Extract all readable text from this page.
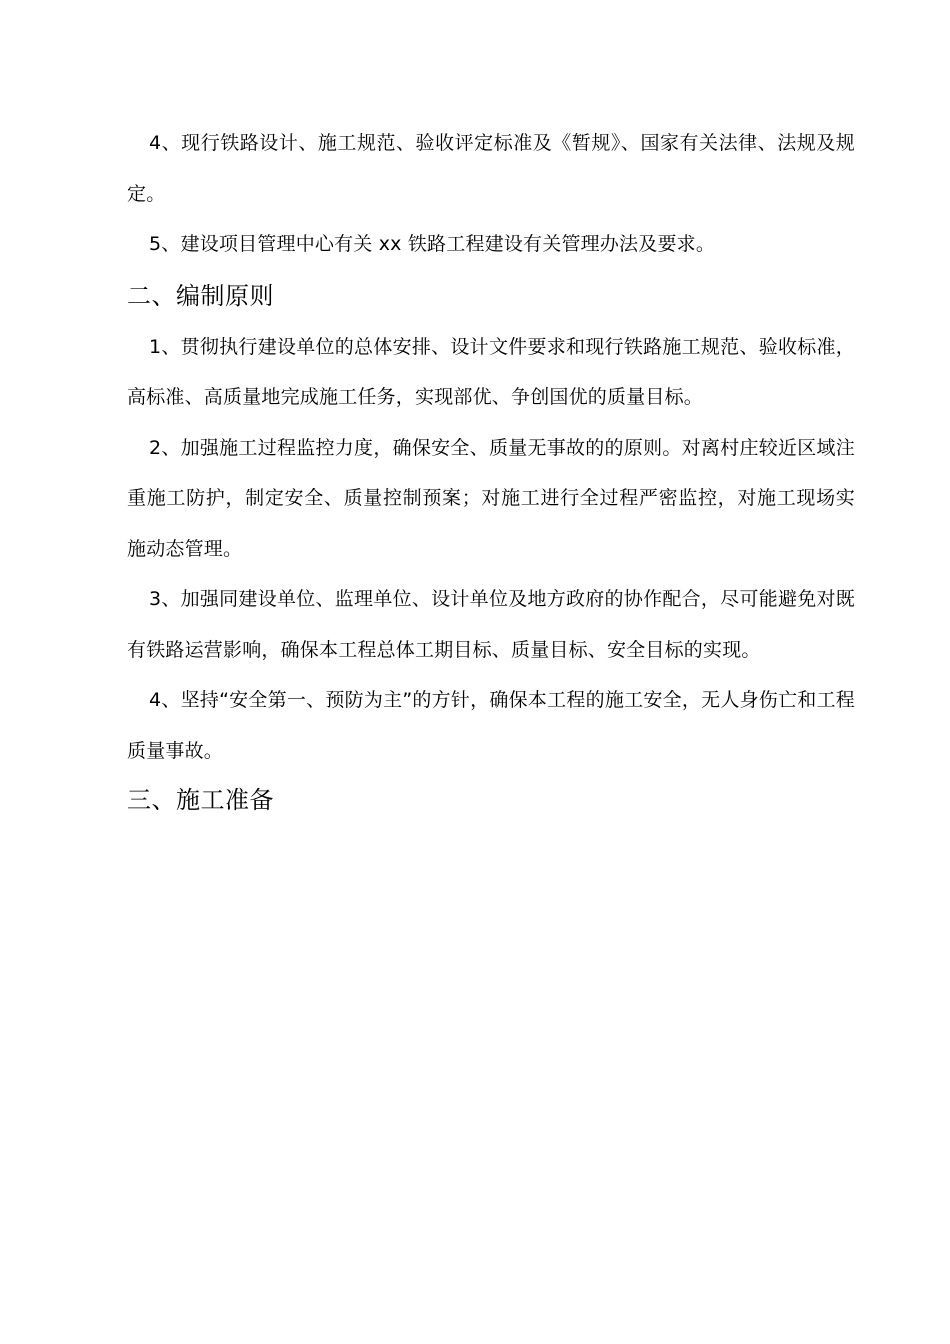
4、现行铁路设计、施工规范、验收评定标准及《暂规》、国家有关法律、法规及规定。

5、建设项目管理中心有关 xx 铁路工程建设有关管理办法及要求。

二、编制原则

1、贯彻执行建设单位的总体安排、设计文件要求和现行铁路施工规范、验收标准，高标准、高质量地完成施工任务，实现部优、争创国优的质量目标。

2、加强施工过程监控力度，确保安全、质量无事故的的原则。对离村庄较近区域注重施工防护，制定安全、质量控制预案；对施工进行全过程严密监控，对施工现场实施动态管理。

3、加强同建设单位、监理单位、设计单位及地方政府的协作配合，尽可能避免对既有铁路运营影响，确保本工程总体工期目标、质量目标、安全目标的实现。

4、坚持“安全第一、预防为主”的方针，确保本工程的施工安全，无人身伤亡和工程质量事故。

三、施工准备
